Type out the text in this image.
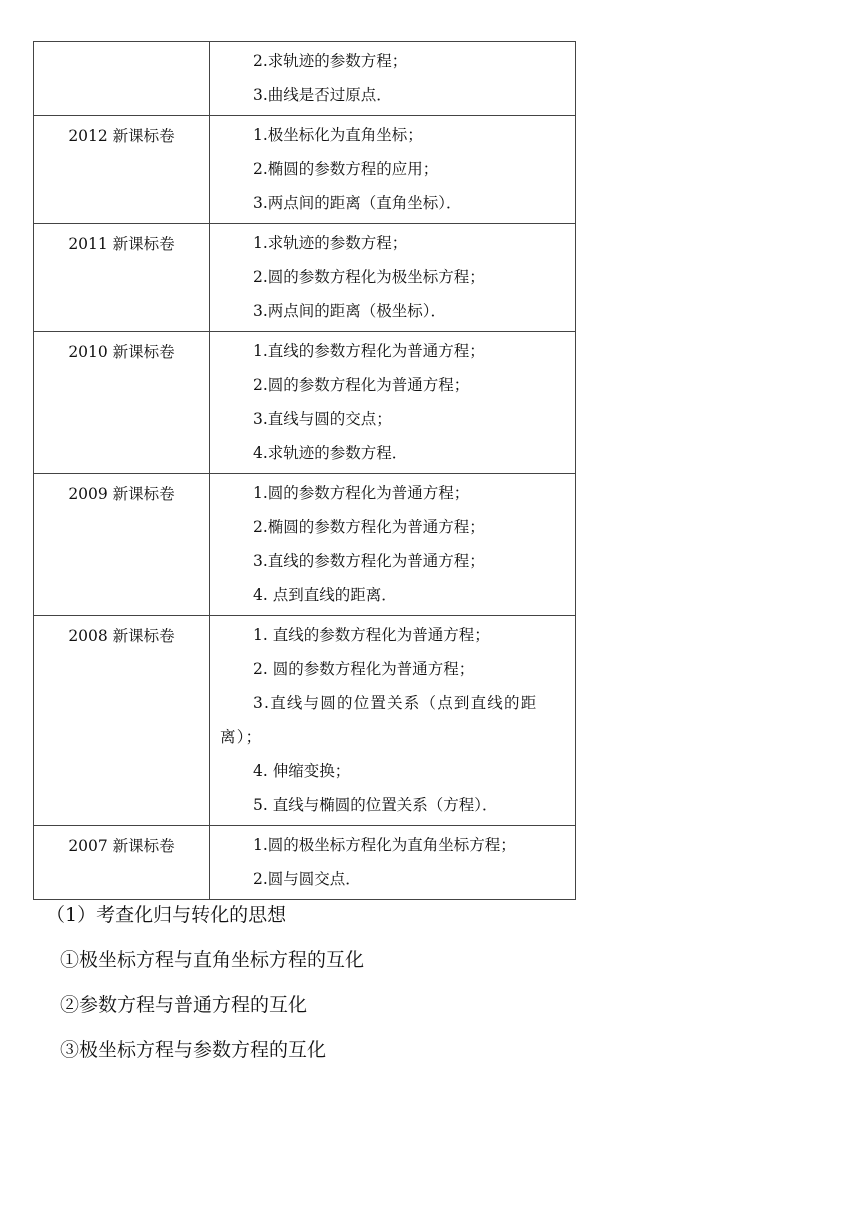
	2.求轨迹的参数方程；
3.曲线是否过原点．

2012 新课标卷	1.极坐标化为直角坐标；
2.椭圆的参数方程的应用；
3.两点间的距离（直角坐标）．

2011 新课标卷	1.求轨迹的参数方程；
2.圆的参数方程化为极坐标方程；
3.两点间的距离（极坐标）．

2010 新课标卷	1.直线的参数方程化为普通方程；
2.圆的参数方程化为普通方程；
3.直线与圆的交点；
4.求轨迹的参数方程．

2009 新课标卷	1.圆的参数方程化为普通方程；
2.椭圆的参数方程化为普通方程；
3.直线的参数方程化为普通方程；
4. 点到直线的距离．

2008 新课标卷	1. 直线的参数方程化为普通方程；
2. 圆的参数方程化为普通方程；
3.直线与圆的位置关系（点到直线的距离）；
4. 伸缩变换；
5. 直线与椭圆的位置关系（方程）．

2007 新课标卷	1.圆的极坐标方程化为直角坐标方程；
2.圆与圆交点．
（1）考查化归与转化的思想
①极坐标方程与直角坐标方程的互化
②参数方程与普通方程的互化
③极坐标方程与参数方程的互化
